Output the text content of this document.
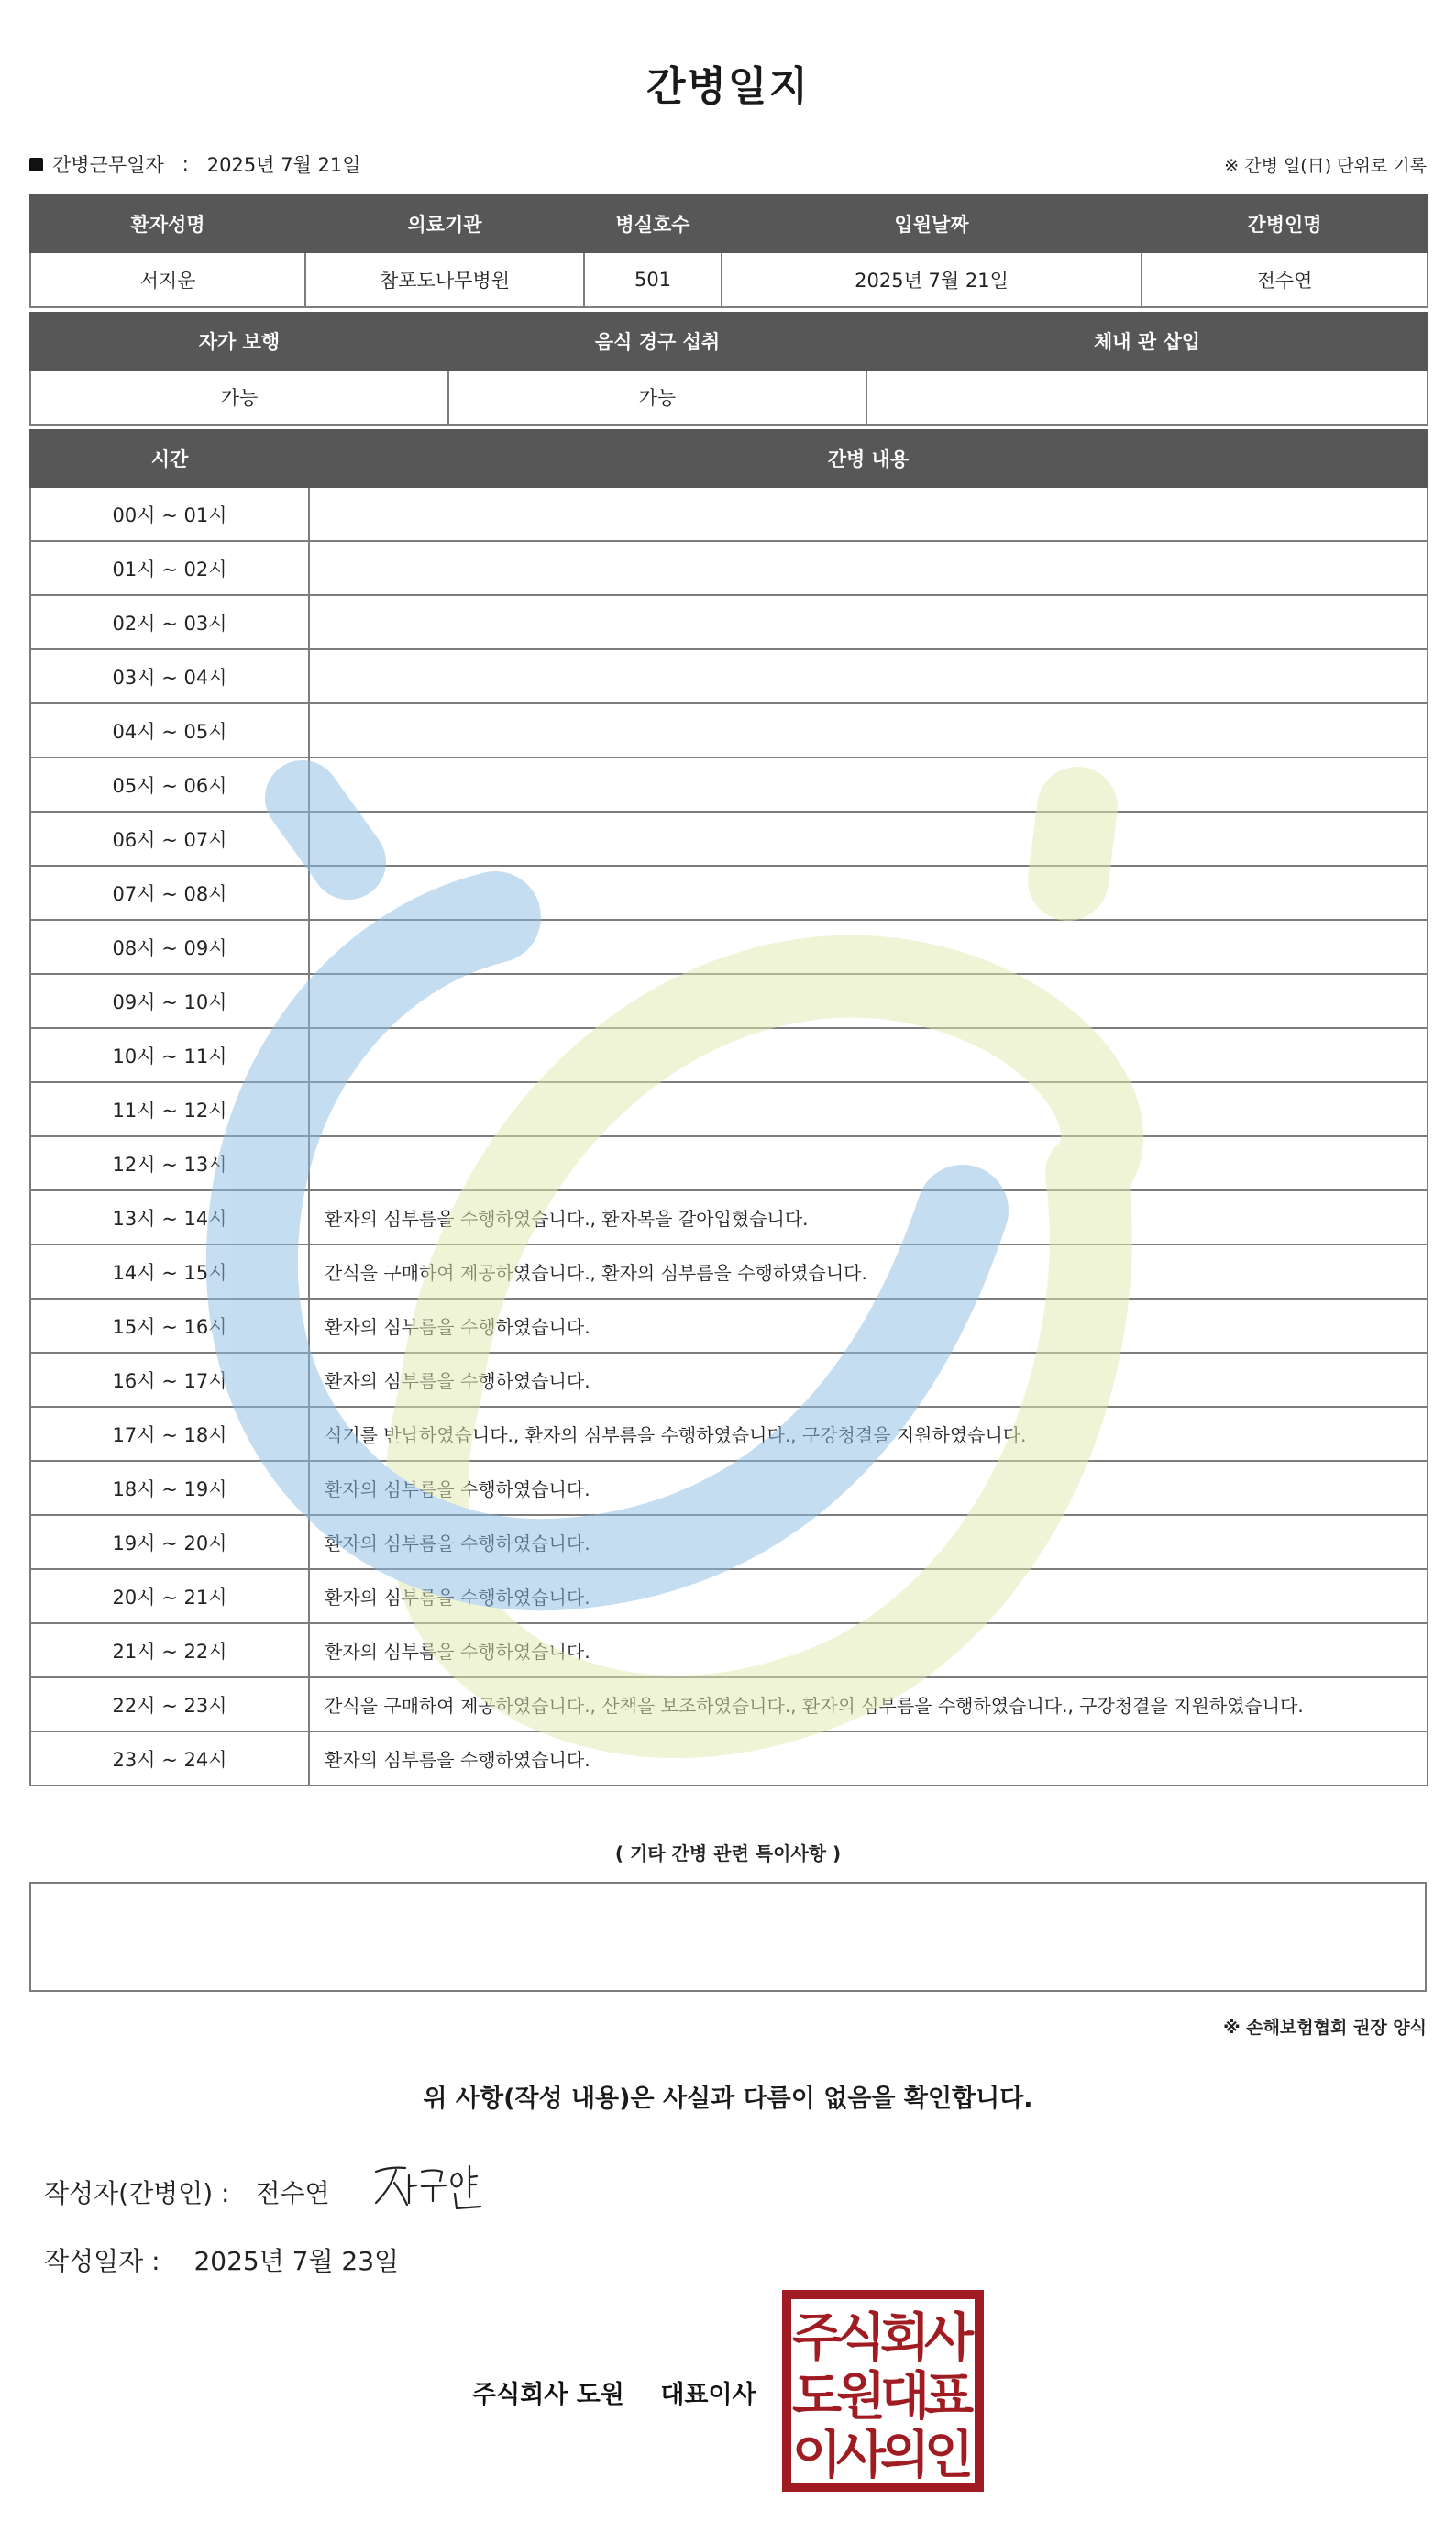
간병일지
간병근무일자 : 2025년 7월 21일	※ 간병 일(日) 단위로 기록
환자성명	의료기관	병실호수	입원날짜	간병인명
서지운	참포도나무병원	501	2025년 7월 21일	전수연
자가 보행	음식 경구 섭취	체내 관 삽입
가능	가능	
시간	간병 내용
00시 ~ 01시	
01시 ~ 02시	
02시 ~ 03시	
03시 ~ 04시	
04시 ~ 05시	
05시 ~ 06시	
06시 ~ 07시	
07시 ~ 08시	
08시 ~ 09시	
09시 ~ 10시	
10시 ~ 11시	
11시 ~ 12시	
12시 ~ 13시	
13시 ~ 14시	환자의 심부름을 수행하였습니다., 환자복을 갈아입혔습니다.
14시 ~ 15시	간식을 구매하여 제공하였습니다., 환자의 심부름을 수행하였습니다.
15시 ~ 16시	환자의 심부름을 수행하였습니다.
16시 ~ 17시	환자의 심부름을 수행하였습니다.
17시 ~ 18시	식기를 반납하였습니다., 환자의 심부름을 수행하였습니다., 구강청결을 지원하였습니다.
18시 ~ 19시	환자의 심부름을 수행하였습니다.
19시 ~ 20시	환자의 심부름을 수행하였습니다.
20시 ~ 21시	환자의 심부름을 수행하였습니다.
21시 ~ 22시	환자의 심부름을 수행하였습니다.
22시 ~ 23시	간식을 구매하여 제공하였습니다., 산책을 보조하였습니다., 환자의 심부름을 수행하였습니다., 구강청결을 지원하였습니다.
23시 ~ 24시	환자의 심부름을 수행하였습니다.
( 기타 간병 관련 특이사항 )
※ 손해보험협회 권장 양식
위 사항(작성 내용)은 사실과 다름이 없음을 확인합니다.
작성자(간병인) : 전수연
작성일자 : 2025년 7월 23일
주식회사 도원 대표이사
주
식
회
사
도
원
대
표
이
사
의
인
